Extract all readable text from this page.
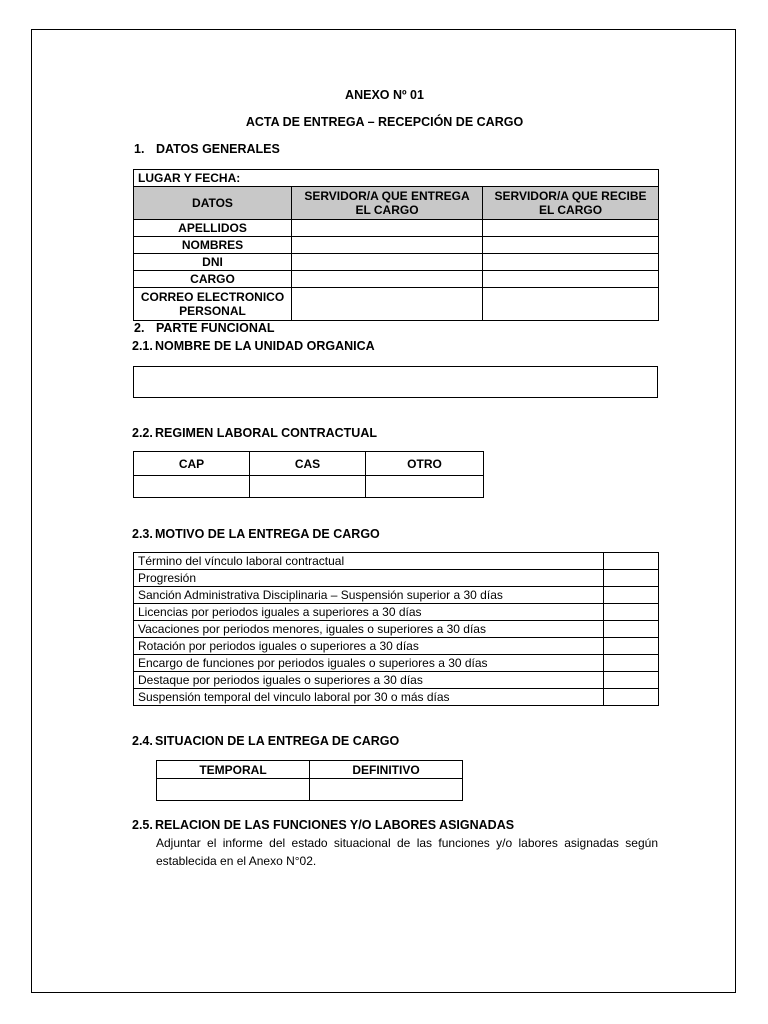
ANEXO Nº 01
ACTA DE ENTREGA – RECEPCIÓN DE CARGO
1. DATOS GENERALES
LUGAR Y FECHA:		
DATOS	SERVIDOR/A QUE ENTREGA EL CARGO	SERVIDOR/A QUE RECIBE EL CARGO
APELLIDOS		
NOMBRES		
DNI		
CARGO		
CORREO ELECTRONICO PERSONAL		
2. PARTE FUNCIONAL
2.1. NOMBRE DE LA UNIDAD ORGANICA
2.2. REGIMEN LABORAL CONTRACTUAL
CAP	CAS	OTRO

2.3. MOTIVO DE LA ENTREGA DE CARGO
Término del vínculo laboral contractual	
Progresión	
Sanción Administrativa Disciplinaria – Suspensión superior a 30 días	
Licencias por periodos iguales a superiores a 30 días	
Vacaciones por periodos menores, iguales o superiores a 30 días	
Rotación por periodos iguales o superiores a 30 días	
Encargo de funciones por periodos iguales o superiores a 30 días	
Destaque por periodos iguales o superiores a 30 días	
Suspensión temporal del vinculo laboral por 30 o más días	
2.4. SITUACION DE LA ENTREGA DE CARGO
TEMPORAL	DEFINITIVO

2.5. RELACION DE LAS FUNCIONES Y/O LABORES ASIGNADAS
Adjuntar el informe del estado situacional de las funciones y/o labores asignadas según establecida en el Anexo N°02.
